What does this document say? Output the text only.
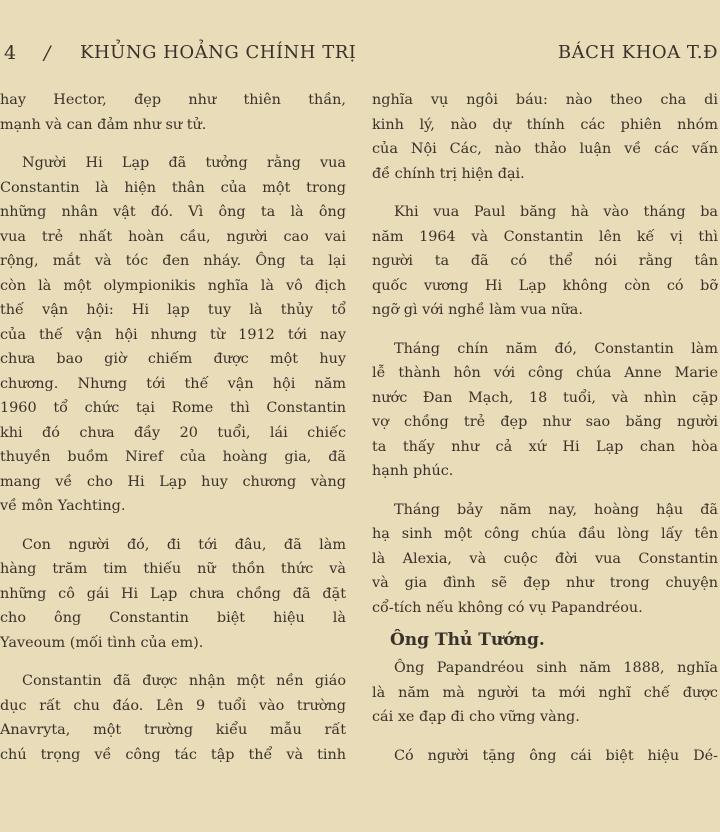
4 / KHỦNG HOẢNG CHÍNH TRỊ	BÁCH KHOA T.Đ
hay Hector, đẹp như thiên thần,
mạnh và can đảm như sư tử.
Người Hi Lạp đã tưởng rằng vua
Constantin là hiện thân của một trong
những nhân vật đó. Vì ông ta là ông
vua trẻ nhất hoàn cầu, người cao vai
rộng, mắt và tóc đen nháy. Ông ta lại
còn là một olympionikis nghĩa là vô địch
thế vận hội: Hi lạp tuy là thủy tổ
của thế vận hội nhưng từ 1912 tới nay
chưa bao giờ chiếm được một huy
chương. Nhưng tới thế vận hội năm
1960 tổ chức tại Rome thì Constantin
khi đó chưa đầy 20 tuổi, lái chiếc
thuyền buồm Niref của hoàng gia, đã
mang về cho Hi Lạp huy chương vàng
về môn Yachting.
Con người đó, đi tới đâu, đã làm
hàng trăm tim thiếu nữ thồn thức và
những cô gái Hi Lạp chưa chồng đã đặt
cho ông Constantin biệt hiệu là
Yaveoum (mối tình của em).
Constantin đã được nhận một nền giáo
dục rất chu đáo. Lên 9 tuổi vào trường
Anavryta, một trường kiểu mẫu rất
chú trọng về công tác tập thể và tinh
nghĩa vụ ngôi báu: nào theo cha di
kinh lý, nào dự thính các phiên nhóm
của Nội Các, nào thảo luận về các vấn
đề chính trị hiện đại.
Khi vua Paul băng hà vào tháng ba
năm 1964 và Constantin lên kế vị thì
người ta đã có thể nói rằng tân
quốc vương Hi Lạp không còn có bỡ
ngỡ gì với nghề làm vua nữa.
Tháng chín năm đó, Constantin làm
lễ thành hôn với công chúa Anne Marie
nước Đan Mạch, 18 tuổi, và nhìn cặp
vợ chồng trẻ đẹp như sao băng người
ta thấy như cả xứ Hi Lạp chan hòa
hạnh phúc.
Tháng bảy năm nay, hoàng hậu đã
hạ sinh một công chúa đầu lòng lấy tên
là Alexia, và cuộc đời vua Constantin
và gia đình sẽ đẹp như trong chuyện
cổ-tích nếu không có vụ Papandréou.
Ông Thủ Tướng.
Ông Papandréou sinh năm 1888, nghĩa
là năm mà người ta mới nghĩ chế được
cái xe đạp đi cho vững vàng.
Có người tặng ông cái biệt hiệu Dé-
